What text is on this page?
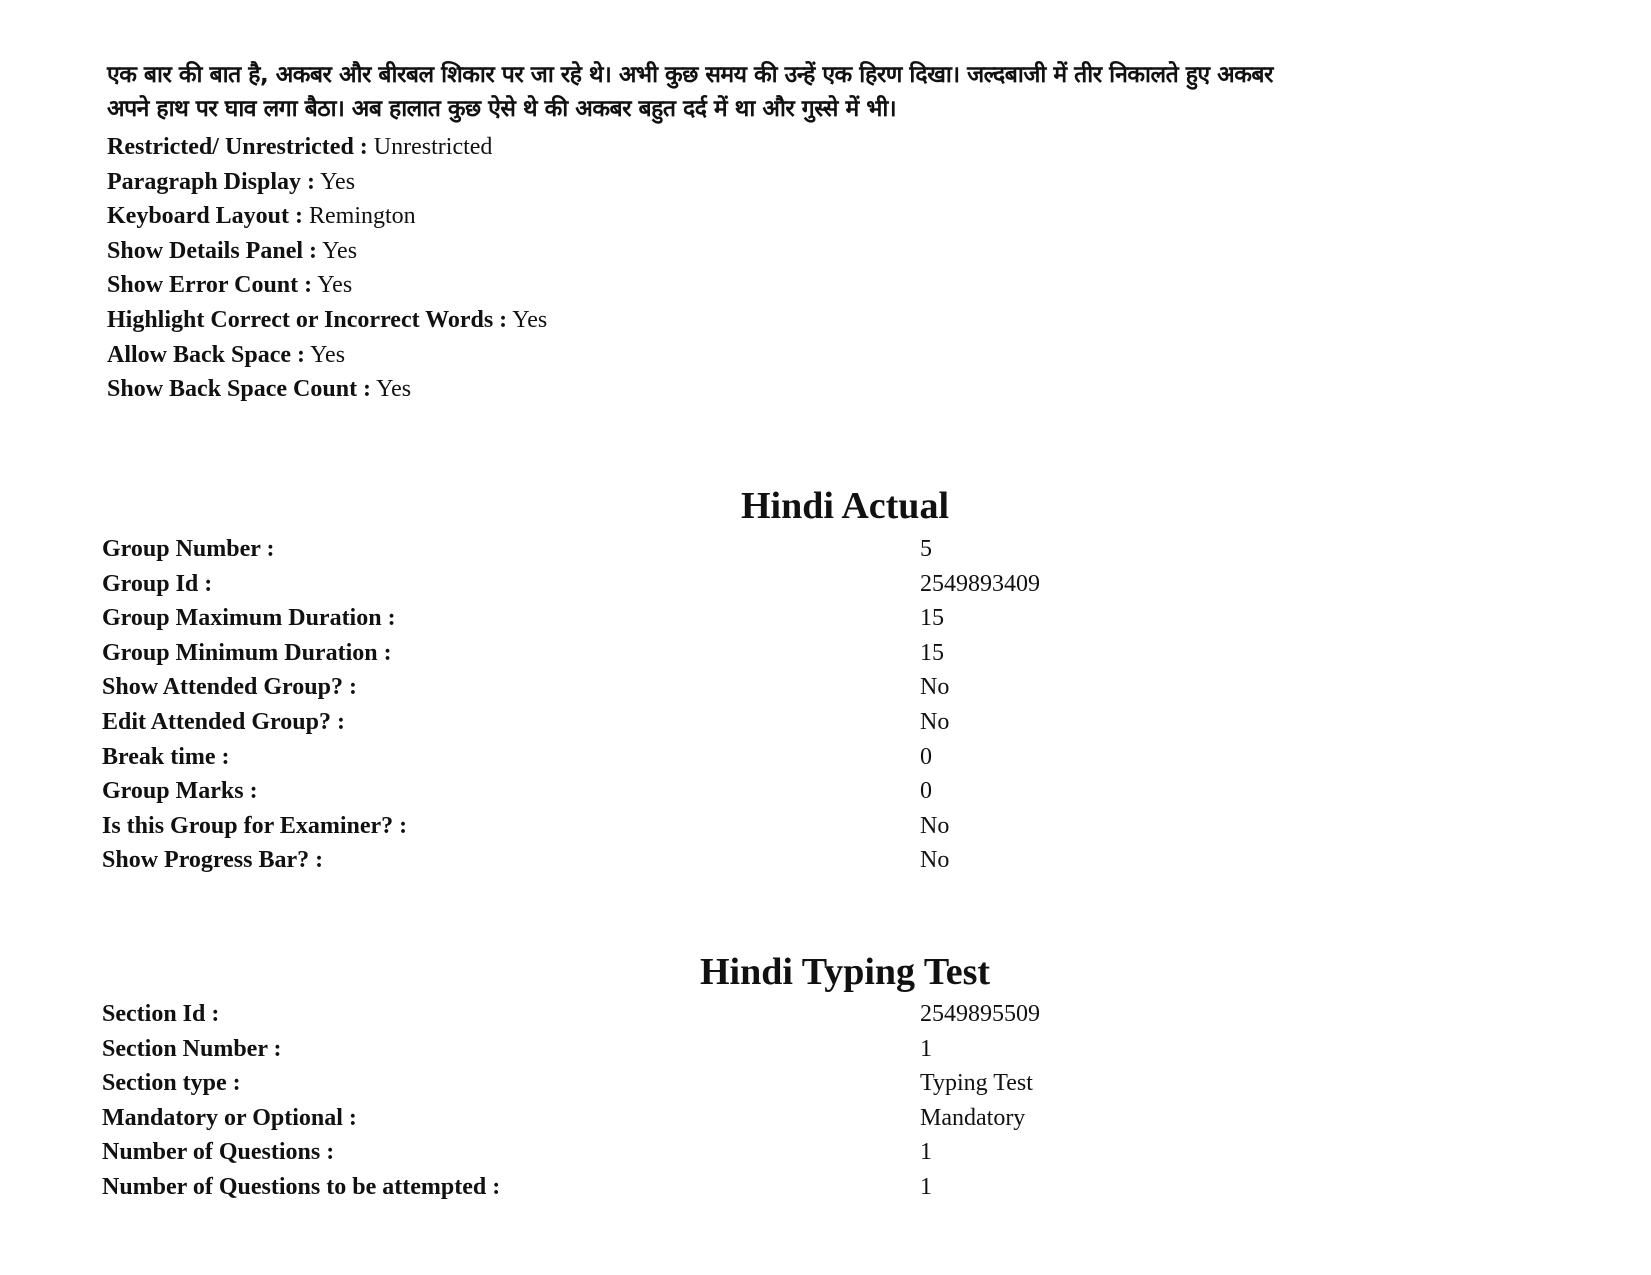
एक बार की बात है, अकबर और बीरबल शिकार पर जा रहे थे। अभी कुछ समय की उन्हें एक हिरण दिखा। जल्दबाजी में तीर निकालते हुए अकबर
अपने हाथ पर घाव लगा बैठा। अब हालात कुछ ऐसे थे की अकबर बहुत दर्द में था और गुस्से में भी।
Restricted/ Unrestricted : Unrestricted
Paragraph Display : Yes
Keyboard Layout : Remington
Show Details Panel : Yes
Show Error Count : Yes
Highlight Correct or Incorrect Words : Yes
Allow Back Space : Yes
Show Back Space Count : Yes
Hindi Actual
Group Number :	5
Group Id :	2549893409
Group Maximum Duration :	15
Group Minimum Duration :	15
Show Attended Group? :	No
Edit Attended Group? :	No
Break time :	0
Group Marks :	0
Is this Group for Examiner? :	No
Show Progress Bar? :	No
Hindi Typing Test
Section Id :	2549895509
Section Number :	1
Section type :	Typing Test
Mandatory or Optional :	Mandatory
Number of Questions :	1
Number of Questions to be attempted :	1
